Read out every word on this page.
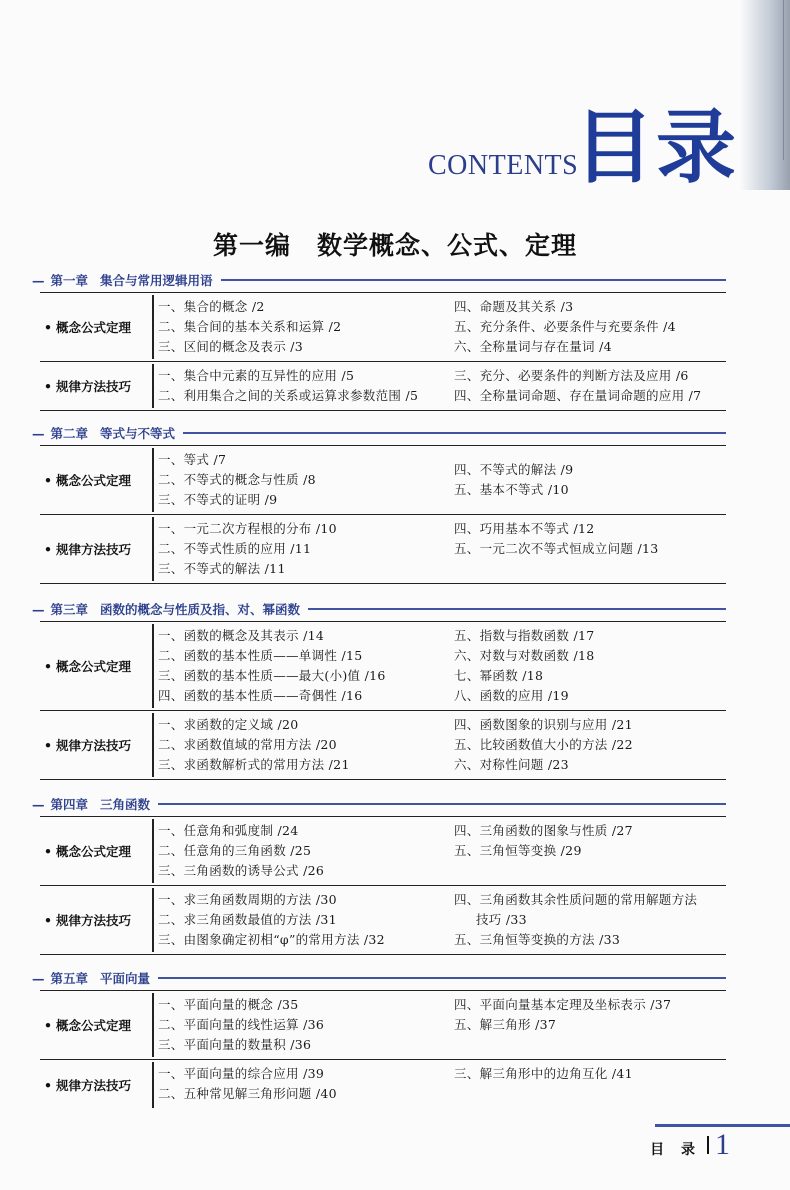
CONTENTS
目录
第一编 数学概念、公式、定理
— 第一章 集合与常用逻辑用语
• 概念公式定理
一、集合的概念 /2
二、集合间的基本关系和运算 /2
三、区间的概念及表示 /3
四、命题及其关系 /3
五、充分条件、必要条件与充要条件 /4
六、全称量词与存在量词 /4
• 规律方法技巧
一、集合中元素的互异性的应用 /5
二、利用集合之间的关系或运算求参数范围 /5
三、充分、必要条件的判断方法及应用 /6
四、全称量词命题、存在量词命题的应用 /7
— 第二章 等式与不等式
• 概念公式定理
一、等式 /7
二、不等式的概念与性质 /8
三、不等式的证明 /9
四、不等式的解法 /9
五、基本不等式 /10
• 规律方法技巧
一、一元二次方程根的分布 /10
二、不等式性质的应用 /11
三、不等式的解法 /11
四、巧用基本不等式 /12
五、一元二次不等式恒成立问题 /13
— 第三章 函数的概念与性质及指、对、幂函数
• 概念公式定理
一、函数的概念及其表示 /14
二、函数的基本性质——单调性 /15
三、函数的基本性质——最大(小)值 /16
四、函数的基本性质——奇偶性 /16
五、指数与指数函数 /17
六、对数与对数函数 /18
七、幂函数 /18
八、函数的应用 /19
• 规律方法技巧
一、求函数的定义域 /20
二、求函数值域的常用方法 /20
三、求函数解析式的常用方法 /21
四、函数图象的识别与应用 /21
五、比较函数值大小的方法 /22
六、对称性问题 /23
— 第四章 三角函数
• 概念公式定理
一、任意角和弧度制 /24
二、任意角的三角函数 /25
三、三角函数的诱导公式 /26
四、三角函数的图象与性质 /27
五、三角恒等变换 /29
• 规律方法技巧
一、求三角函数周期的方法 /30
二、求三角函数最值的方法 /31
三、由图象确定初相“φ”的常用方法 /32
四、三角函数其余性质问题的常用解题方法
技巧 /33
五、三角恒等变换的方法 /33
— 第五章 平面向量
• 概念公式定理
一、平面向量的概念 /35
二、平面向量的线性运算 /36
三、平面向量的数量积 /36
四、平面向量基本定理及坐标表示 /37
五、解三角形 /37
• 规律方法技巧
一、平面向量的综合应用 /39
二、五种常见解三角形问题 /40
三、解三角形中的边角互化 /41
目 录 1
